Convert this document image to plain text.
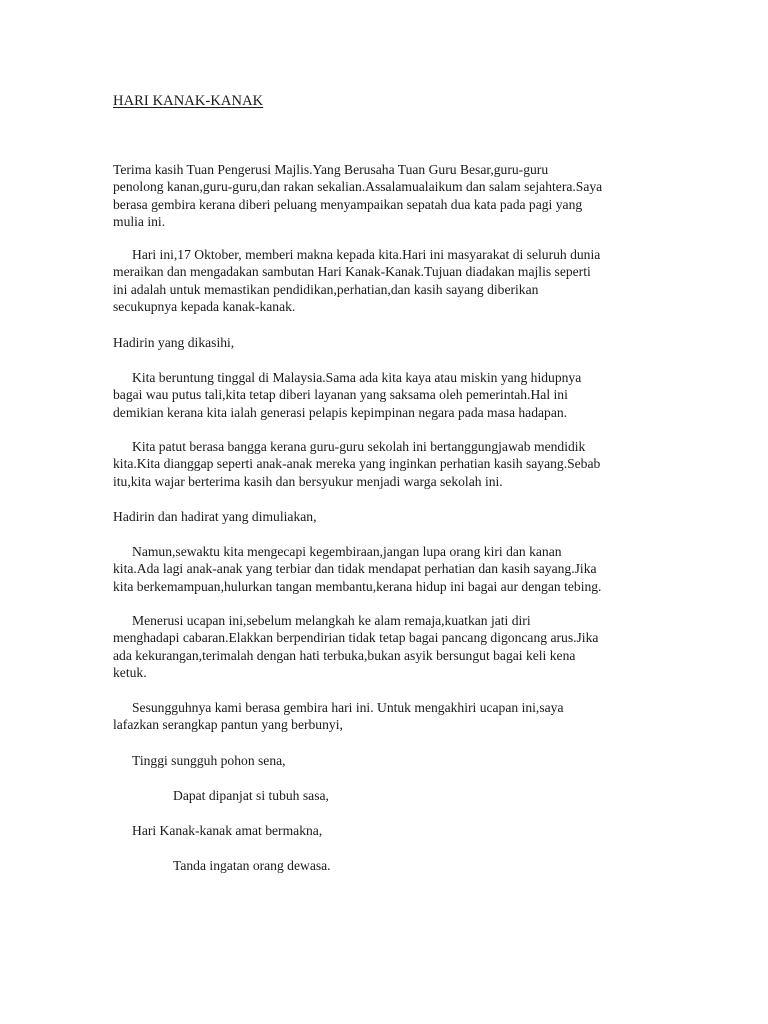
HARI KANAK-KANAK

Terima kasih Tuan Pengerusi Majlis.Yang Berusaha Tuan Guru Besar,guru-guru
penolong kanan,guru-guru,dan rakan sekalian.Assalamualaikum dan salam sejahtera.Saya
berasa gembira kerana diberi peluang menyampaikan sepatah dua kata pada pagi yang
mulia ini.

Hari ini,17 Oktober, memberi makna kepada kita.Hari ini masyarakat di seluruh dunia
meraikan dan mengadakan sambutan Hari Kanak-Kanak.Tujuan diadakan majlis seperti
ini adalah untuk memastikan pendidikan,perhatian,dan kasih sayang diberikan
secukupnya kepada kanak-kanak.

Hadirin yang dikasihi,

Kita beruntung tinggal di Malaysia.Sama ada kita kaya atau miskin yang hidupnya
bagai wau putus tali,kita tetap diberi layanan yang saksama oleh pemerintah.Hal ini
demikian kerana kita ialah generasi pelapis kepimpinan negara pada masa hadapan.

Kita patut berasa bangga kerana guru-guru sekolah ini bertanggungjawab mendidik
kita.Kita dianggap seperti anak-anak mereka yang inginkan perhatian kasih sayang.Sebab
itu,kita wajar berterima kasih dan bersyukur menjadi warga sekolah ini.

Hadirin dan hadirat yang dimuliakan,

Namun,sewaktu kita mengecapi kegembiraan,jangan lupa orang kiri dan kanan
kita.Ada lagi anak-anak yang terbiar dan tidak mendapat perhatian dan kasih sayang.Jika
kita berkemampuan,hulurkan tangan membantu,kerana hidup ini bagai aur dengan tebing.

Menerusi ucapan ini,sebelum melangkah ke alam remaja,kuatkan jati diri
menghadapi cabaran.Elakkan berpendirian tidak tetap bagai pancang digoncang arus.Jika
ada kekurangan,terimalah dengan hati terbuka,bukan asyik bersungut bagai keli kena
ketuk.

Sesungguhnya kami berasa gembira hari ini. Untuk mengakhiri ucapan ini,saya
lafazkan serangkap pantun yang berbunyi,

Tinggi sungguh pohon sena,

Dapat dipanjat si tubuh sasa,

Hari Kanak-kanak amat bermakna,

Tanda ingatan orang dewasa.
